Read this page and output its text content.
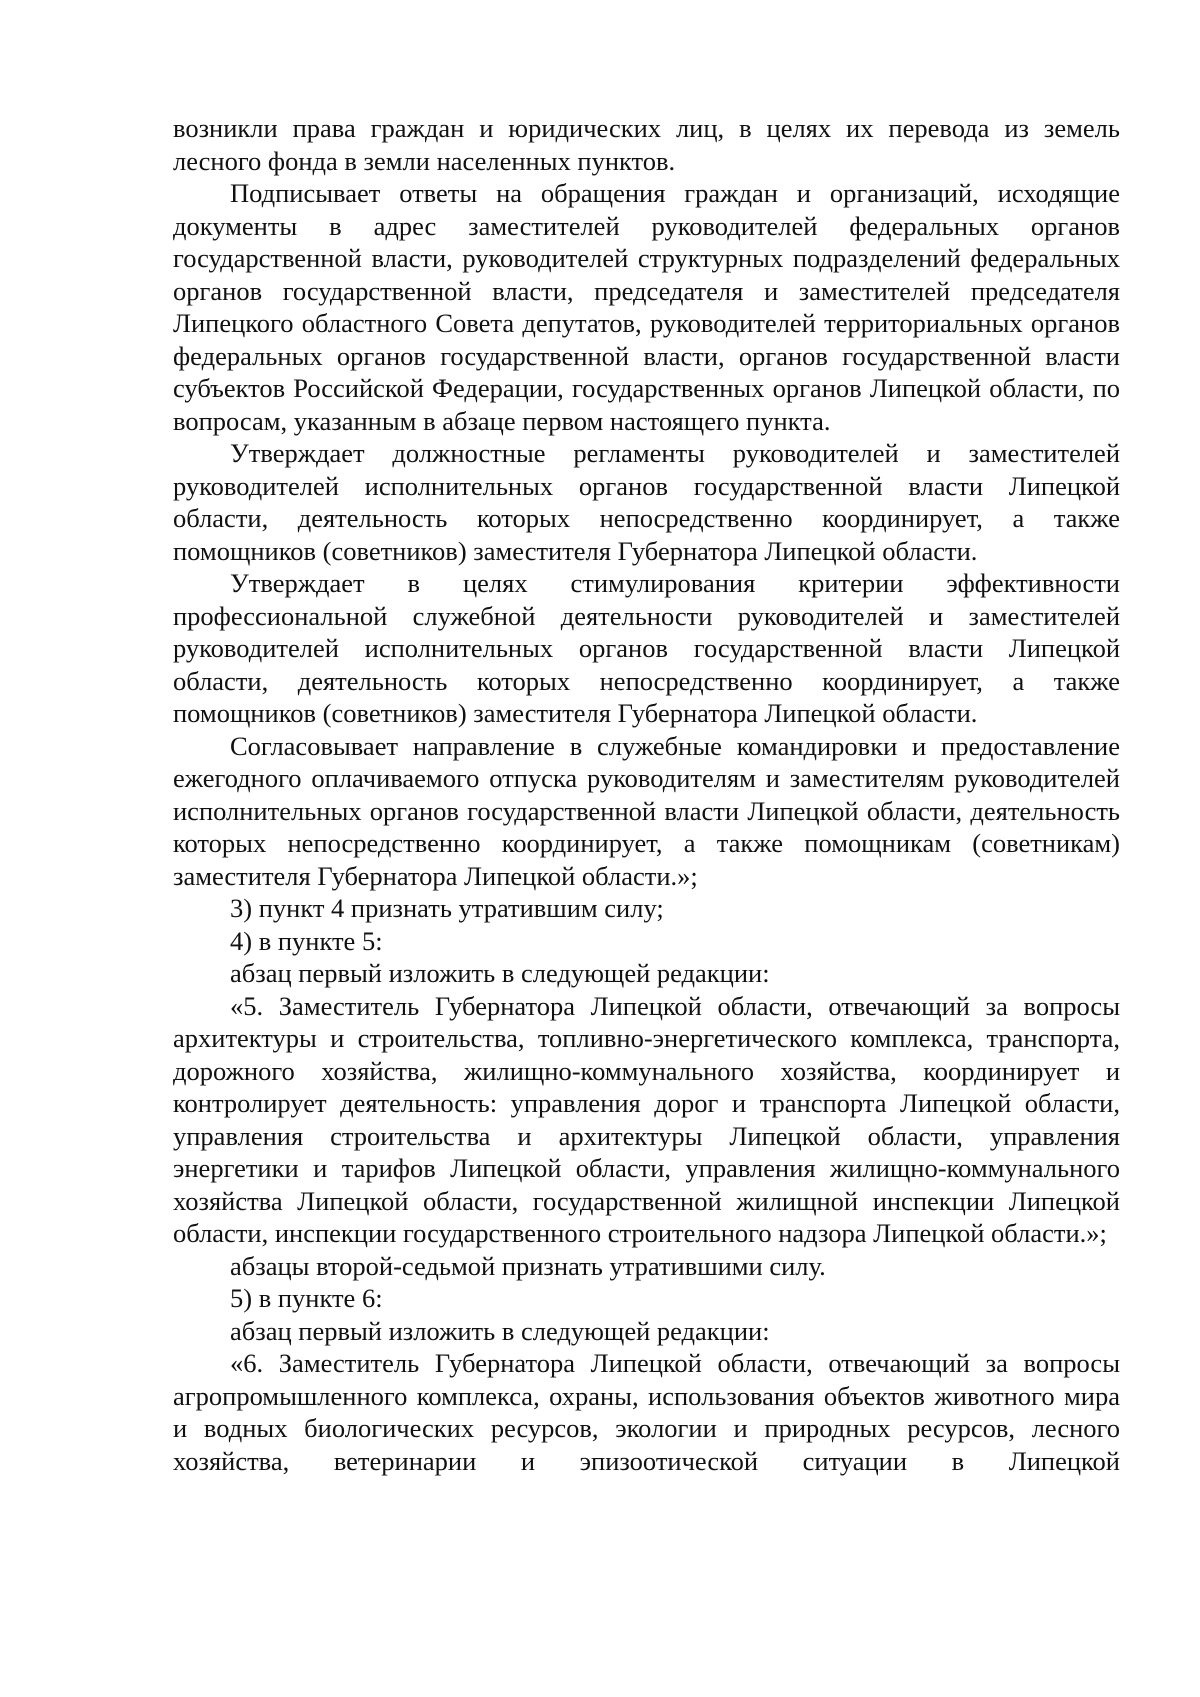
возникли права граждан и юридических лиц, в целях их перевода из земель лесного фонда в земли населенных пунктов.

Подписывает ответы на обращения граждан и организаций, исходящие документы в адрес заместителей руководителей федеральных органов государственной власти, руководителей структурных подразделений федеральных органов государственной власти, председателя и заместителей председателя Липецкого областного Совета депутатов, руководителей территориальных органов федеральных органов государственной власти, органов государственной власти субъектов Российской Федерации, государственных органов Липецкой области, по вопросам, указанным в абзаце первом настоящего пункта.

Утверждает должностные регламенты руководителей и заместителей руководителей исполнительных органов государственной власти Липецкой области, деятельность которых непосредственно координирует, а также помощников (советников) заместителя Губернатора Липецкой области.

Утверждает в целях стимулирования критерии эффективности профессиональной служебной деятельности руководителей и заместителей руководителей исполнительных органов государственной власти Липецкой области, деятельность которых непосредственно координирует, а также помощников (советников) заместителя Губернатора Липецкой области.

Согласовывает направление в служебные командировки и предоставление ежегодного оплачиваемого отпуска руководителям и заместителям руководителей исполнительных органов государственной власти Липецкой области, деятельность которых непосредственно координирует, а также помощникам (советникам) заместителя Губернатора Липецкой области.»;

3) пункт 4 признать утратившим силу;

4) в пункте 5:

абзац первый изложить в следующей редакции:

«5. Заместитель Губернатора Липецкой области, отвечающий за вопросы архитектуры и строительства, топливно-энергетического комплекса, транспорта, дорожного хозяйства, жилищно-коммунального хозяйства, координирует и контролирует деятельность: управления дорог и транспорта Липецкой области, управления строительства и архитектуры Липецкой области, управления энергетики и тарифов Липецкой области, управления жилищно-коммунального хозяйства Липецкой области, государственной жилищной инспекции Липецкой области, инспекции государственного строительного надзора Липецкой области.»;

абзацы второй-седьмой признать утратившими силу.

5) в пункте 6:

абзац первый изложить в следующей редакции:

«6. Заместитель Губернатора Липецкой области, отвечающий за вопросы агропромышленного комплекса, охраны, использования объектов животного мира и водных биологических ресурсов, экологии и природных ресурсов, лесного хозяйства, ветеринарии и эпизоотической ситуации в Липецкой
